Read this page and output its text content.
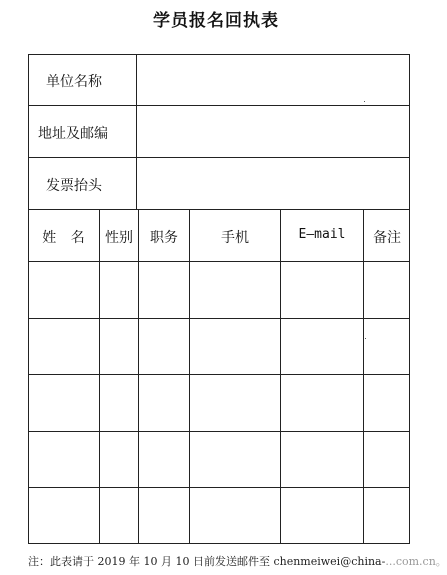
学员报名回执表
单位名称
地址及邮编
发票抬头
姓 名	性别	职务	手机	E—mail	备注
注：此表请于 2019 年 10 月 10 日前发送邮件至 chenmeiwei@china-...com.cn。
